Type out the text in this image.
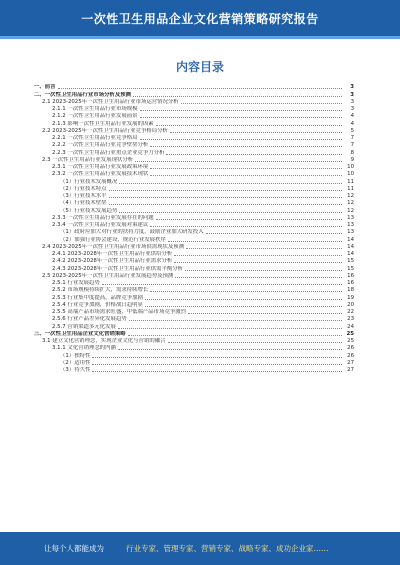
一次性卫生用品企业文化营销策略研究报告
内容目录
一、前言	3
二、一次性卫生用品行业市场分析及预测	3
2.1 2023-2025年一次性卫生用品行业市场运营情况分析	3
2.1.1 一次性卫生用品行业市场规模	3
2.1.2 一次性卫生用品行业发展前景	4
2.1.3 影响一次性卫生用品行业发展的因素	4
2.2 2023-2025年一次性卫生用品行业竞争格局分析	5
2.2.1 一次性卫生用品行业竞争格局	7
2.2.2 一次性卫生用品行业竞争壁垒分析	7
2.2.3 一次性卫生用品行业重点企业竞争力分析	8
2.3 一次性卫生用品行业发展现状分析	9
2.3.1 一次性卫生用品行业发展政策环境	10
2.3.2 一次性卫生用品行业发展技术现状	10
（1）行业技术发展概况	11
（2）行业技术特点	11
（3）行业技术水平	12
（4）行业技术壁垒	12
（5）行业技术发展趋势	12
2.3.3 一次性卫生用品行业发展存在的问题	13
2.3.4 一次性卫生用品行业发展对策建议	13
（1）政府应加大对行业的扶持力度，鼓励企业加大研发投入	13
（2）加强行业协会建设，规范行业发展秩序	14
2.4 2023-2025年一次性卫生用品行业市场供需现状及预测	14
2.4.1 2023-2028年一次性卫生用品行业供给分析	14
2.4.2 2023-2028年一次性卫生用品行业需求分析	15
2.4.3 2023-2028年一次性卫生用品行业供需平衡分析	15
2.5 2023-2025年一次性卫生用品行业发展趋势及预测	16
2.5.1 行业发展趋势	16
2.5.2 市场规模持续扩大，需求持续增长	18
2.5.3 行业集中度提高，品牌竞争加剧	19
2.5.4 行业竞争加剧，价格战日趋明显	20
2.5.5 高端产品市场需求旺盛，中低端产品市场竞争激烈	22
2.5.6 行业产品差异化发展趋势	23
2.5.7 营销渠道多元化发展	24
三、一次性卫生用品企业文化营销策略	25
3.1 建立文化营销理念，实现企业文化与营销的融合	25
3.1.1 文化营销理念的内涵	26
（1）独特性	26
（2）适用性	27
（3）持久性	27
让每个人都能成为	行业专家、管理专家、营销专家、战略专家、成功企业家……
